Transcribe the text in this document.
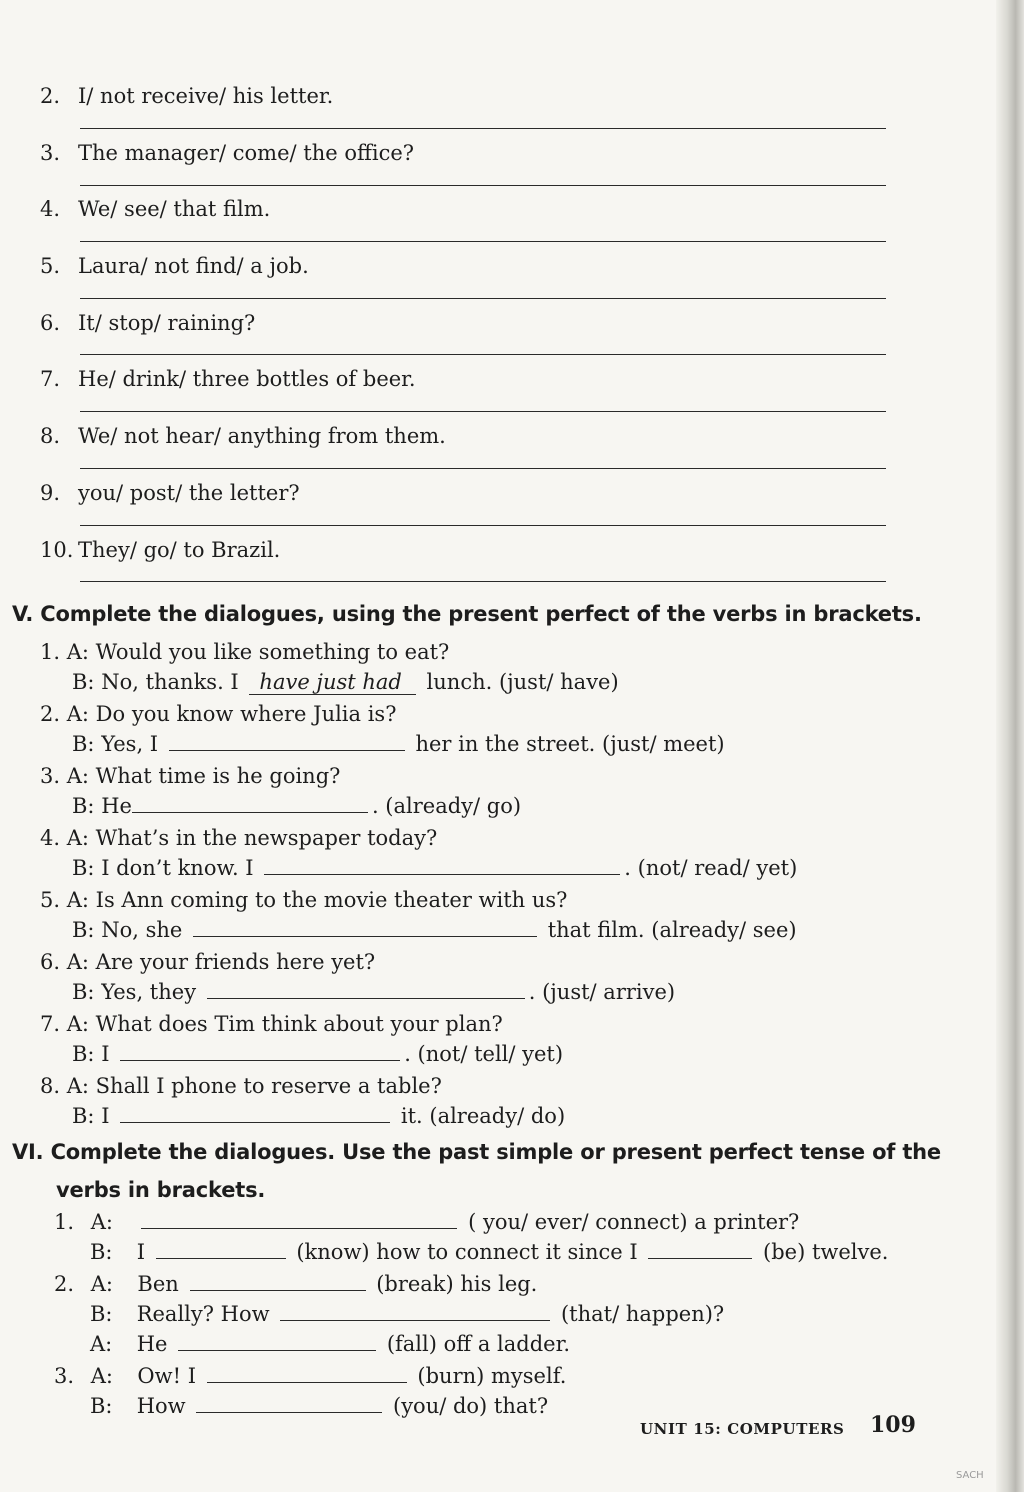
2. I/ not receive/ his letter.
3. The manager/ come/ the office?
4. We/ see/ that film.
5. Laura/ not find/ a job.
6. It/ stop/ raining?
7. He/ drink/ three bottles of beer.
8. We/ not hear/ anything from them.
9. you/ post/ the letter?
10. They/ go/ to Brazil.
V. Complete the dialogues, using the present perfect of the verbs in brackets.
1. A: Would you like something to eat?
B: No, thanks. I have just had lunch. (just/ have)
2. A: Do you know where Julia is?
B: Yes, I	her in the street. (just/ meet)
3. A: What time is he going?
B: He	. (already/ go)
4. A: What’s in the newspaper today?
B: I don’t know. I	. (not/ read/ yet)
5. A: Is Ann coming to the movie theater with us?
B: No, she	that film. (already/ see)
6. A: Are your friends here yet?
B: Yes, they	. (just/ arrive)
7. A: What does Tim think about your plan?
B: I	. (not/ tell/ yet)
8. A: Shall I phone to reserve a table?
B: I	it. (already/ do)
VI. Complete the dialogues. Use the past simple or present perfect tense of the
verbs in brackets.
1. A:	( you/ ever/ connect) a printer?
B: I	(know) how to connect it since I	(be) twelve.
2. A: Ben	(break) his leg.
B: Really? How	(that/ happen)?
A: He	(fall) off a ladder.
3. A: Ow! I	(burn) myself.
B: How	(you/ do) that?
UNIT 15: COMPUTERS 109
SACH
